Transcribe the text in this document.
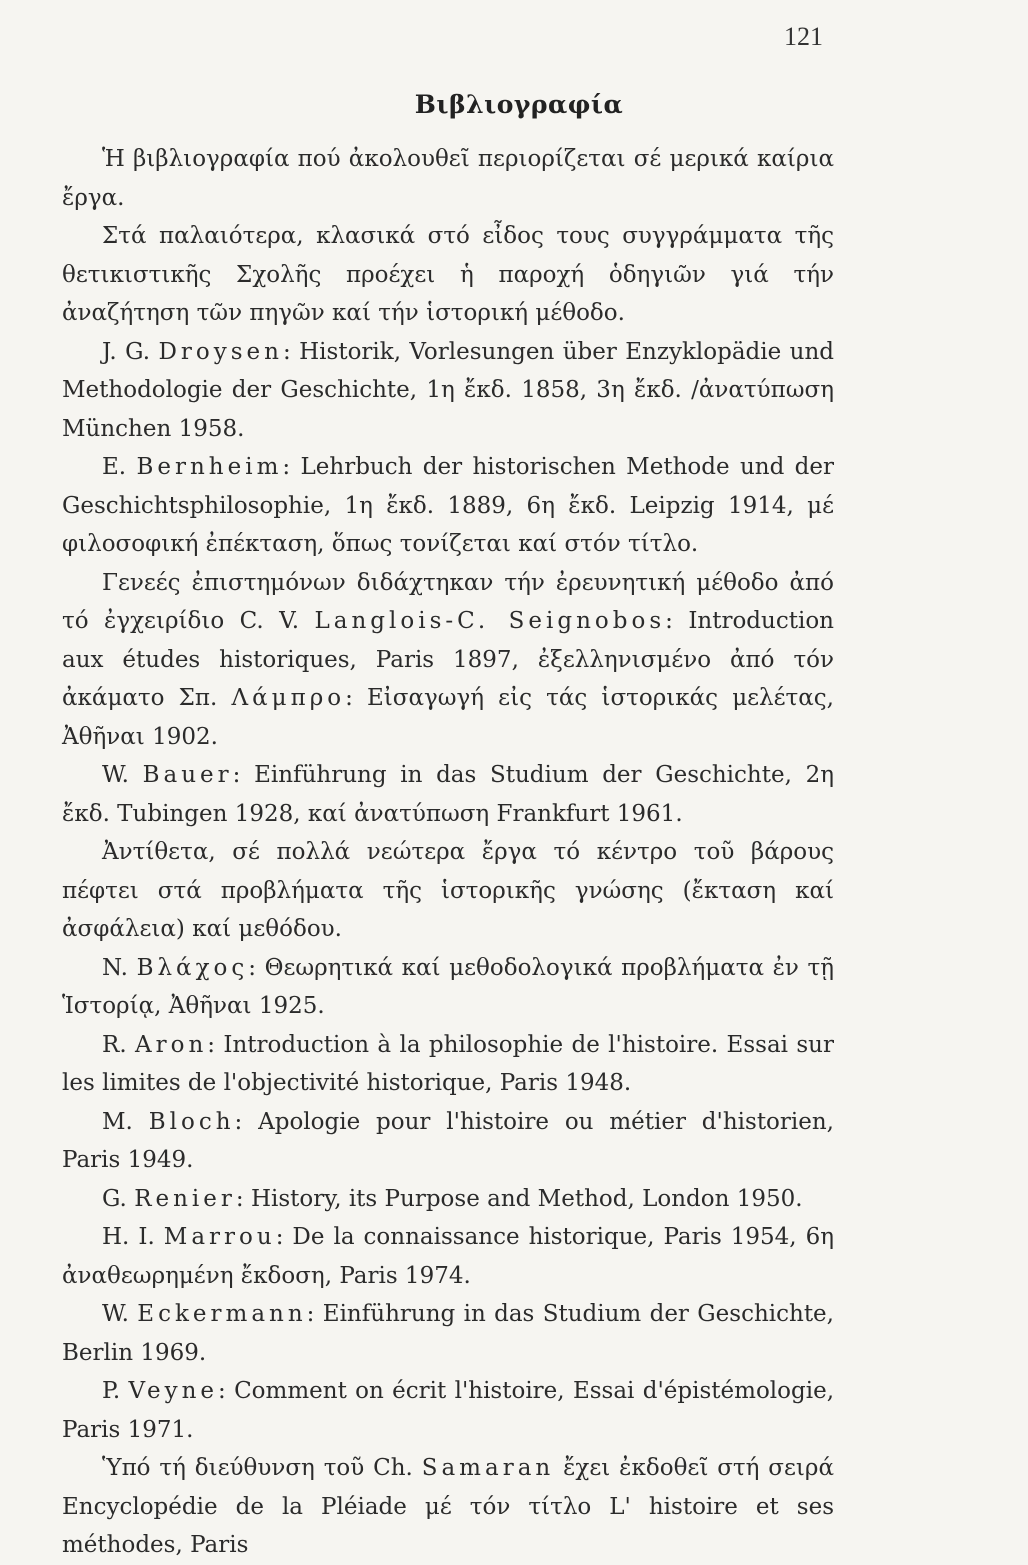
121
Βιβλιογραφία

Ἡ βιβλιογραφία πού ἀκολουθεῖ περιορίζεται σέ μερικά καίρια ἔργα.

Στά παλαιότερα, κλασικά στό εἶδος τους συγγράμματα τῆς θετικιστικῆς Σχολῆς προέχει ἡ παροχή ὁδηγιῶν γιά τήν ἀναζήτηση τῶν πηγῶν καί τήν ἱστορική μέθοδο.

J. G. Droysen: Historik, Vorlesungen über Enzyklopädie und Methodologie der Geschichte, 1η ἔκδ. 1858, 3η ἔκδ. /ἀνατύπωση München 1958.

E. Bernheim: Lehrbuch der historischen Methode und der Geschichtsphilosophie, 1η ἔκδ. 1889, 6η ἔκδ. Leipzig 1914, μέ φιλοσοφική ἐπέκταση, ὅπως τονίζεται καί στόν τίτλο.

Γενεές ἐπιστημόνων διδάχτηκαν τήν ἐρευνητική μέθοδο ἀπό τό ἐγχειρίδιο C. V. Langlois-C. Seignobos: Introduction aux études historiques, Paris 1897, ἐξελληνισμένο ἀπό τόν ἀκάματο Σπ. Λάμπρο: Εἰσαγωγή εἰς τάς ἱστορικάς μελέτας, Ἀθῆναι 1902.

W. Bauer: Einführung in das Studium der Geschichte, 2η ἔκδ. Tubingen 1928, καί ἀνατύπωση Frankfurt 1961.

Ἀντίθετα, σέ πολλά νεώτερα ἔργα τό κέντρο τοῦ βάρους πέφτει στά προβλήματα τῆς ἱστορικῆς γνώσης (ἔκταση καί ἀσφάλεια) καί μεθόδου.

N. Βλάχος: Θεωρητικά καί μεθοδολογικά προβλήματα ἐν τῇ Ἱστορίᾳ, Ἀθῆναι 1925.

R. Aron: Introduction à la philosophie de l'histoire. Essai sur les limites de l'objectivité historique, Paris 1948.

M. Bloch: Apologie pour l'histoire ou métier d'historien, Paris 1949.

G. Renier: History, its Purpose and Method, London 1950.

H. I. Marrou: De la connaissance historique, Paris 1954, 6η ἀναθεωρημένη ἔκδοση, Paris 1974.

W. Eckermann: Einführung in das Studium der Geschichte, Berlin 1969.

P. Veyne: Comment on écrit l'histoire, Essai d'épistémologie, Paris 1971.

Ὑπό τή διεύθυνση τοῦ Ch. Samaran ἔχει ἐκδοθεῖ στή σειρά Encyclopédie de la Pléiade μέ τόν τίτλο L' histoire et ses méthodes, Paris
